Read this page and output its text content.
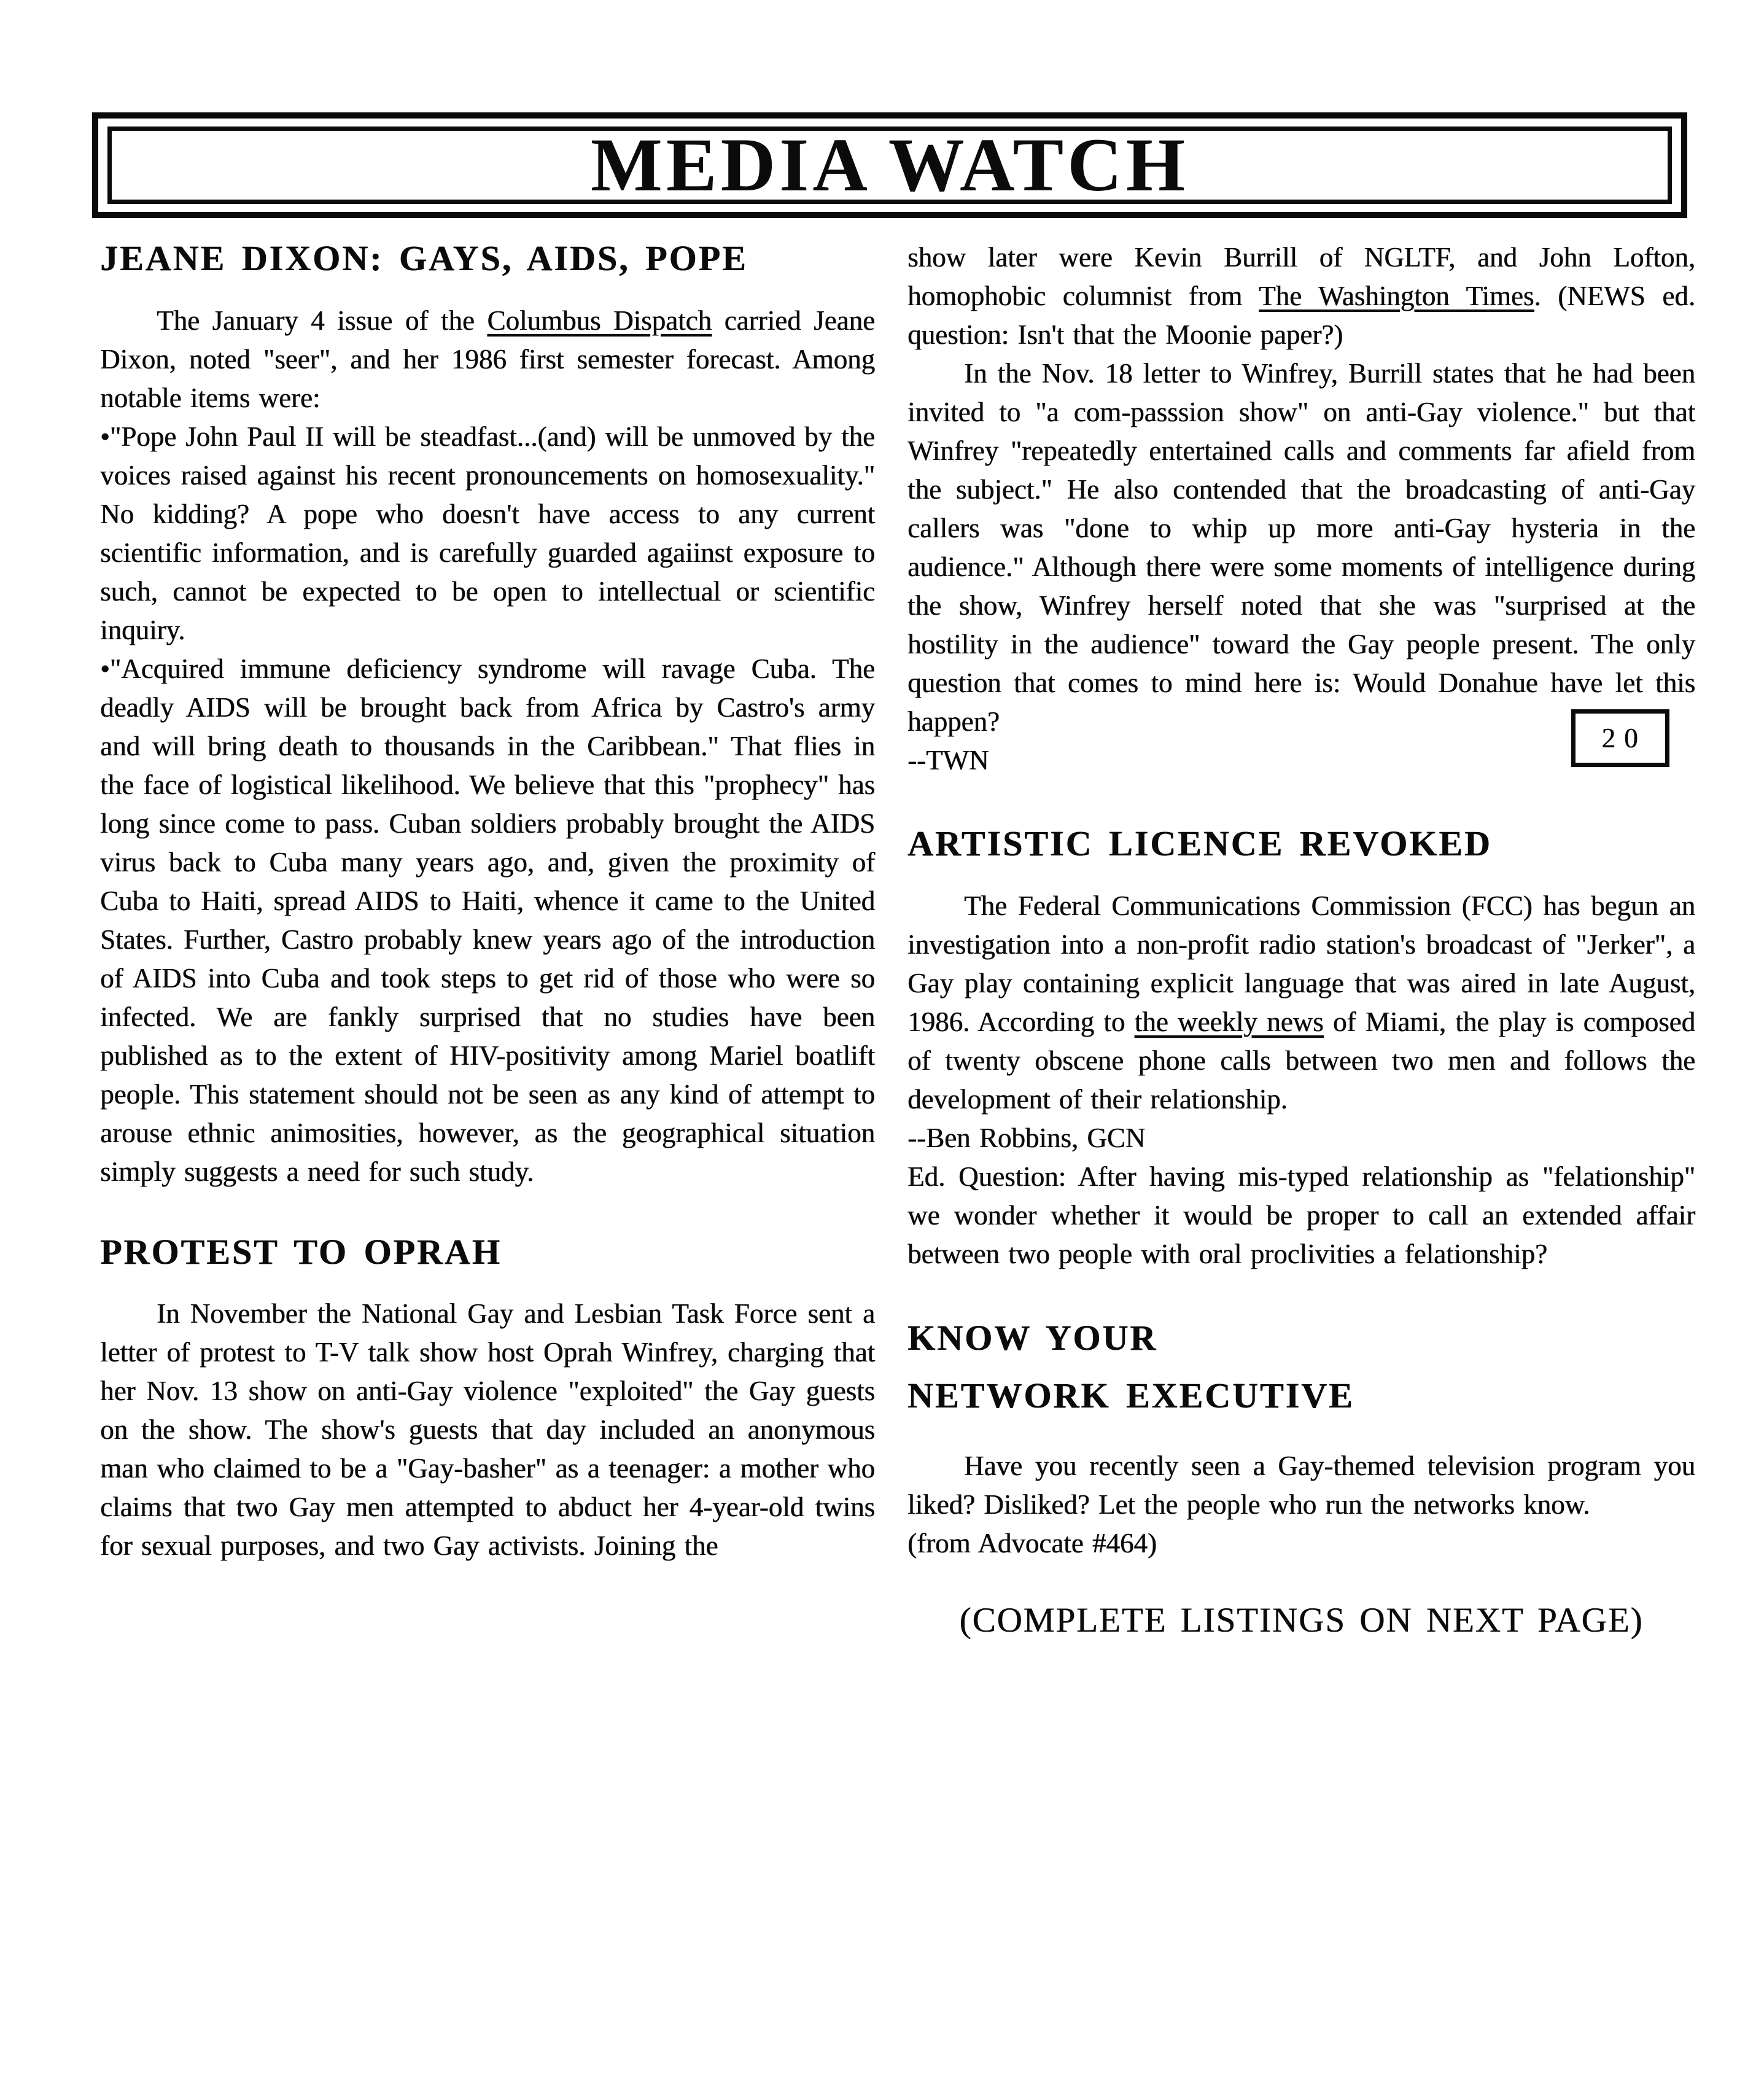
MEDIA WATCH
JEANE DIXON: GAYS, AIDS, POPE

The January 4 issue of the Columbus Dispatch carried Jeane Dixon, noted "seer", and her 1986 first semester forecast. Among notable items were:

•"Pope John Paul II will be steadfast...(and) will be unmoved by the voices raised against his recent pronouncements on homosexuality." No kidding? A pope who doesn't have access to any current scientific information, and is carefully guarded agaiinst exposure to such, cannot be expected to be open to intellectual or scientific inquiry.

•"Acquired immune deficiency syndrome will ravage Cuba. The deadly AIDS will be brought back from Africa by Castro's army and will bring death to thousands in the Caribbean." That flies in the face of logistical likelihood. We believe that this "prophecy" has long since come to pass. Cuban soldiers probably brought the AIDS virus back to Cuba many years ago, and, given the proximity of Cuba to Haiti, spread AIDS to Haiti, whence it came to the United States. Further, Castro probably knew years ago of the introduction of AIDS into Cuba and took steps to get rid of those who were so infected. We are fankly surprised that no studies have been published as to the extent of HIV-positivity among Mariel boatlift people. This statement should not be seen as any kind of attempt to arouse ethnic animosities, however, as the geographical situation simply suggests a need for such study.

PROTEST TO OPRAH

In November the National Gay and Lesbian Task Force sent a letter of protest to T-V talk show host Oprah Winfrey, charging that her Nov. 13 show on anti-Gay violence "exploited" the Gay guests on the show. The show's guests that day included an anonymous man who claimed to be a "Gay-basher" as a teenager: a mother who claims that two Gay men attempted to abduct her 4-year-old twins for sexual purposes, and two Gay activists. Joining the

show later were Kevin Burrill of NGLTF, and John Lofton, homophobic columnist from The Washington Times. (NEWS ed. question: Isn't that the Moonie paper?)

In the Nov. 18 letter to Winfrey, Burrill states that he had been invited to "a com-passsion show" on anti-Gay violence." but that Winfrey "repeatedly entertained calls and comments far afield from the subject." He also contended that the broadcasting of anti-Gay callers was "done to whip up more anti-Gay hysteria in the audience." Although there were some moments of intelligence during the show, Winfrey herself noted that she was "surprised at the hostility in the audience" toward the Gay people present. The only question that comes to mind here is: Would Donahue have let this happen?

--TWN
20
ARTISTIC LICENCE REVOKED

The Federal Communications Commission (FCC) has begun an investigation into a non-profit radio station's broadcast of "Jerker", a Gay play containing explicit language that was aired in late August, 1986. According to the weekly news of Miami, the play is composed of twenty obscene phone calls between two men and follows the development of their relationship.

--Ben Robbins, GCN

Ed. Question: After having mis-typed relationship as "felationship" we wonder whether it would be proper to call an extended affair between two people with oral proclivities a felationship?

KNOW YOUR
NETWORK EXECUTIVE

Have you recently seen a Gay-themed television program you liked? Disliked? Let the people who run the networks know.

(from Advocate #464)

(COMPLETE LISTINGS ON NEXT PAGE)
